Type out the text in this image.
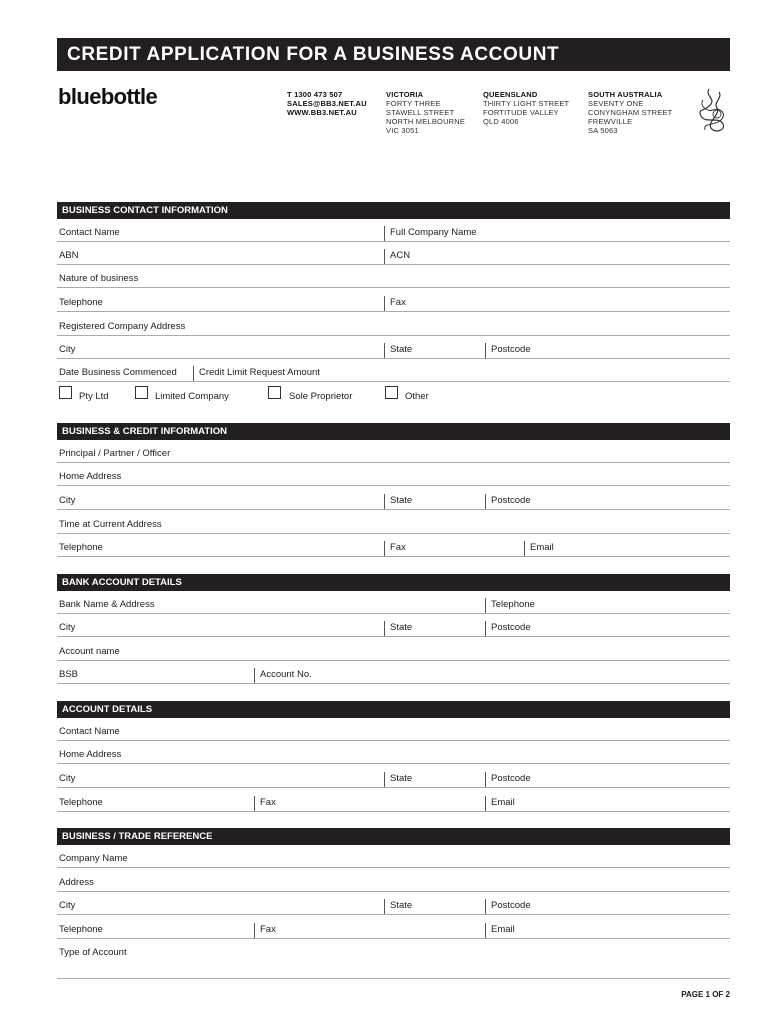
CREDIT APPLICATION FOR A BUSINESS ACCOUNT
bluebottle	T 1300 473 507
SALES@BB3.NET.AU
WWW.BB3.NET.AU
VICTORIA
FORTY THREE
STAWELL STREET
NORTH MELBOURNE
VIC 3051
QUEENSLAND
THIRTY LIGHT STREET
FORTITUDE VALLEY
QLD 4006
SOUTH AUSTRALIA
SEVENTY ONE
CONYNGHAM STREET
FREWVILLE
SA 5063
BUSINESS CONTACT INFORMATION
Contact Name	Full Company Name
ABN	ACN
Nature of business
Telephone	Fax
Registered Company Address
City	State	Postcode
Date Business Commenced	Credit Limit Request Amount
Pty Ltd	Limited Company	Sole Proprietor	Other
BUSINESS & CREDIT INFORMATION
Principal / Partner / Officer
Home Address
City	State	Postcode
Time at Current Address
Telephone	Fax	Email
BANK ACCOUNT DETAILS
Bank Name & Address	Telephone
City	State	Postcode
Account name
BSB	Account No.
ACCOUNT DETAILS
Contact Name
Home Address
City	State	Postcode
Telephone	Fax	Email
BUSINESS / TRADE REFERENCE
Company Name
Address
City	State	Postcode
Telephone	Fax	Email
Type of Account
PAGE 1 OF 2
